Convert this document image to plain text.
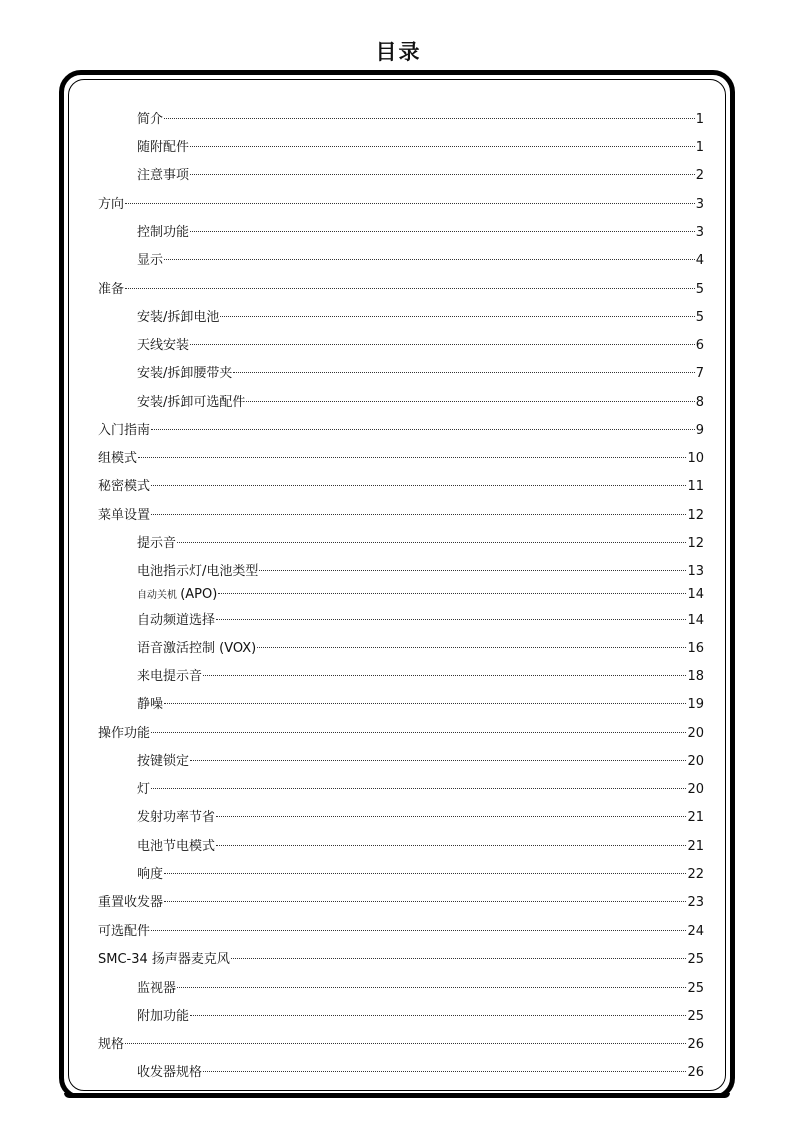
目录
简介	1
随附配件	1
注意事项	2
方向	3
控制功能	3
显示	4
准备	5
安装/拆卸电池	5
天线安装	6
安装/拆卸腰带夹	7
安装/拆卸可选配件	8
入门指南	9
组模式	10
秘密模式	11
菜单设置	12
提示音	12
电池指示灯/电池类型	13
自动关机 (APO)	14
自动频道选择	14
语音激活控制 (VOX)	16
来电提示音	18
静噪	19
操作功能	20
按键锁定	20
灯	20
发射功率节省	21
电池节电模式	21
响度	22
重置收发器	23
可选配件	24
SMC-34 扬声器麦克风	25
监视器	25
附加功能	25
规格	26
收发器规格	26
